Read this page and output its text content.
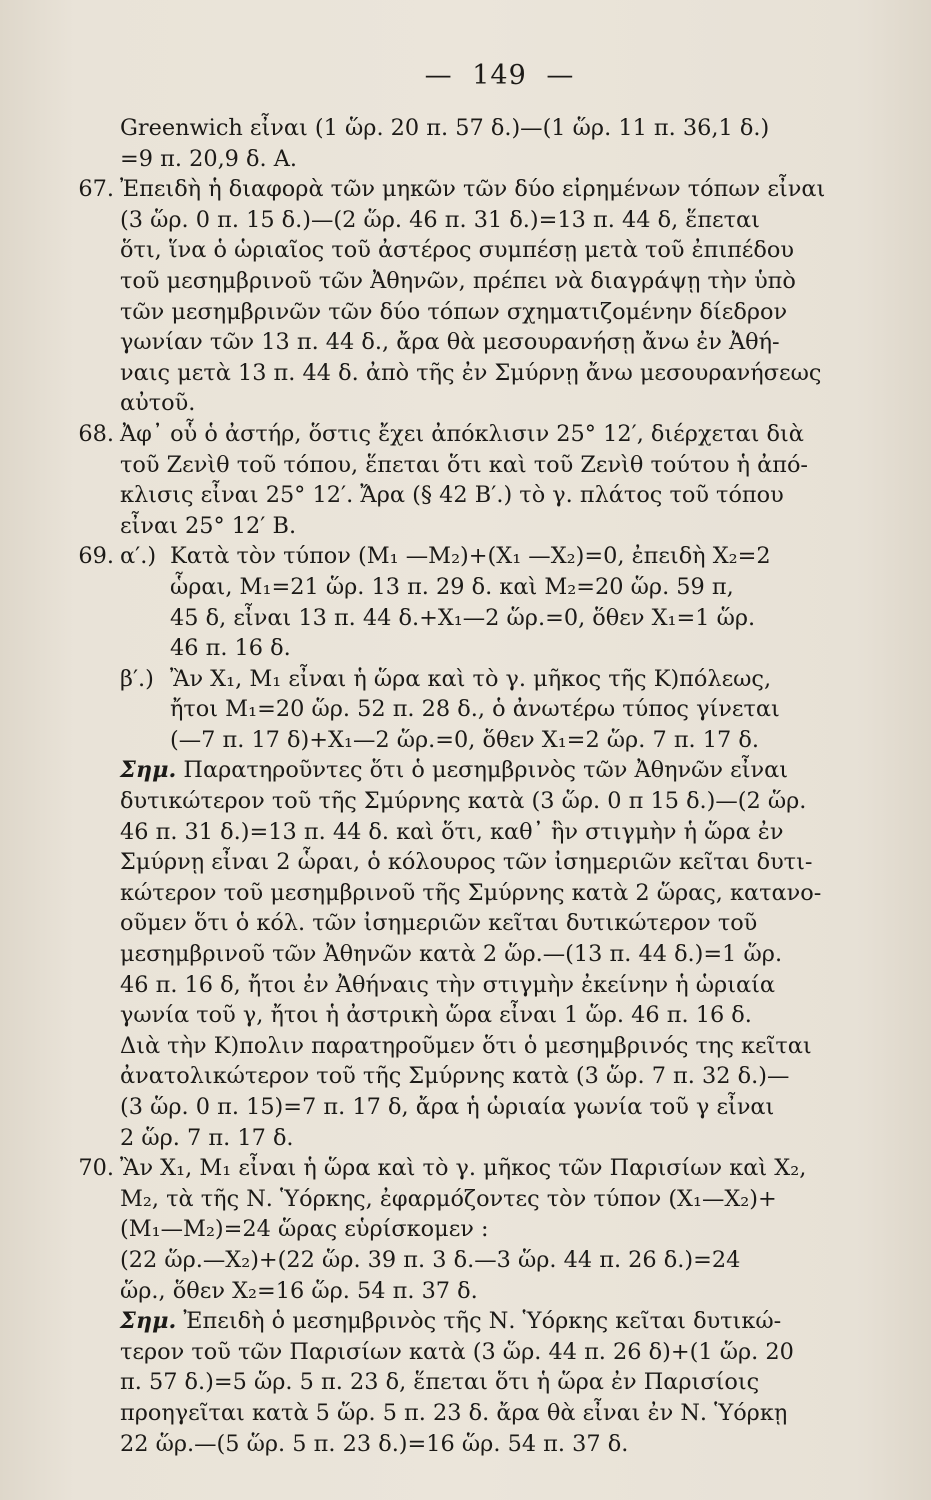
— 149 —
Greenwich εἶναι (1 ὥρ. 20 π. 57 δ.)—(1 ὥρ. 11 π. 36,1 δ.)
=9 π. 20,9 δ. Α.
67. Ἐπειδὴ ἡ διαφορὰ τῶν μηκῶν τῶν δύο εἰρημένων τόπων εἶναι
(3 ὥρ. 0 π. 15 δ.)—(2 ὥρ. 46 π. 31 δ.)=13 π. 44 δ, ἕπεται
ὅτι, ἵνα ὁ ὡριαῖος τοῦ ἀστέρος συμπέσῃ μετὰ τοῦ ἐπιπέδου
τοῦ μεσημβρινοῦ τῶν Ἀθηνῶν, πρέπει νὰ διαγράψῃ τὴν ὑπὸ
τῶν μεσημβρινῶν τῶν δύο τόπων σχηματιζομένην δίεδρον
γωνίαν τῶν 13 π. 44 δ., ἄρα θὰ μεσουρανήσῃ ἄνω ἐν Ἀθή-
ναις μετὰ 13 π. 44 δ. ἀπὸ τῆς ἐν Σμύρνῃ ἄνω μεσουρανήσεως
αὐτοῦ.
68. Ἀφ᾽ οὗ ὁ ἀστήρ, ὅστις ἔχει ἀπόκλισιν 25° 12′, διέρχεται διὰ
τοῦ Ζενὶθ τοῦ τόπου, ἕπεται ὅτι καὶ τοῦ Ζενὶθ τούτου ἡ ἀπό-
κλισις εἶναι 25° 12′. Ἄρα (§ 42 Β′.) τὸ γ. πλάτος τοῦ τόπου
εἶναι 25° 12′ Β.
69. α′.) Κατὰ τὸν τύπον (M₁ —M₂)+(X₁ —X₂)=0, ἐπειδὴ X₂=2
ὧραι, M₁=21 ὥρ. 13 π. 29 δ. καὶ M₂=20 ὥρ. 59 π,
45 δ, εἶναι 13 π. 44 δ.+X₁—2 ὥρ.=0, ὅθεν X₁=1 ὥρ.
46 π. 16 δ.
β′.) Ἂν X₁, M₁ εἶναι ἡ ὥρα καὶ τὸ γ. μῆκος τῆς Κ)πόλεως,
ἤτοι M₁=20 ὥρ. 52 π. 28 δ., ὁ ἀνωτέρω τύπος γίνεται
(—7 π. 17 δ)+X₁—2 ὥρ.=0, ὅθεν X₁=2 ὥρ. 7 π. 17 δ.
Σημ. Παρατηροῦντες ὅτι ὁ μεσημβρινὸς τῶν Ἀθηνῶν εἶναι
δυτικώτερον τοῦ τῆς Σμύρνης κατὰ (3 ὥρ. 0 π 15 δ.)—(2 ὥρ.
46 π. 31 δ.)=13 π. 44 δ. καὶ ὅτι, καθ᾽ ἣν στιγμὴν ἡ ὥρα ἐν
Σμύρνῃ εἶναι 2 ὧραι, ὁ κόλουρος τῶν ἰσημεριῶν κεῖται δυτι-
κώτερον τοῦ μεσημβρινοῦ τῆς Σμύρνης κατὰ 2 ὥρας, κατανο-
οῦμεν ὅτι ὁ κόλ. τῶν ἰσημεριῶν κεῖται δυτικώτερον τοῦ
μεσημβρινοῦ τῶν Ἀθηνῶν κατὰ 2 ὥρ.—(13 π. 44 δ.)=1 ὥρ.
46 π. 16 δ, ἤτοι ἐν Ἀθήναις τὴν στιγμὴν ἐκείνην ἡ ὡριαία
γωνία τοῦ γ, ἤτοι ἡ ἀστρικὴ ὥρα εἶναι 1 ὥρ. 46 π. 16 δ.
Διὰ τὴν Κ)πολιν παρατηροῦμεν ὅτι ὁ μεσημβρινός της κεῖται
ἀνατολικώτερον τοῦ τῆς Σμύρνης κατὰ (3 ὥρ. 7 π. 32 δ.)—
(3 ὥρ. 0 π. 15)=7 π. 17 δ, ἄρα ἡ ὡριαία γωνία τοῦ γ εἶναι
2 ὥρ. 7 π. 17 δ.
70. Ἂν X₁, M₁ εἶναι ἡ ὥρα καὶ τὸ γ. μῆκος τῶν Παρισίων καὶ X₂,
M₂, τὰ τῆς Ν. Ὑόρκης, ἐφαρμόζοντες τὸν τύπον (X₁—X₂)+
(M₁—M₂)=24 ὥρας εὑρίσκομεν :
(22 ὥρ.—X₂)+(22 ὥρ. 39 π. 3 δ.—3 ὥρ. 44 π. 26 δ.)=24
ὥρ., ὅθεν X₂=16 ὥρ. 54 π. 37 δ.
Σημ. Ἐπειδὴ ὁ μεσημβρινὸς τῆς Ν. Ὑόρκης κεῖται δυτικώ-
τερον τοῦ τῶν Παρισίων κατὰ (3 ὥρ. 44 π. 26 δ)+(1 ὥρ. 20
π. 57 δ.)=5 ὥρ. 5 π. 23 δ, ἕπεται ὅτι ἡ ὥρα ἐν Παρισίοις
προηγεῖται κατὰ 5 ὥρ. 5 π. 23 δ. ἄρα θὰ εἶναι ἐν Ν. Ὑόρκῃ
22 ὥρ.—(5 ὥρ. 5 π. 23 δ.)=16 ὥρ. 54 π. 37 δ.
